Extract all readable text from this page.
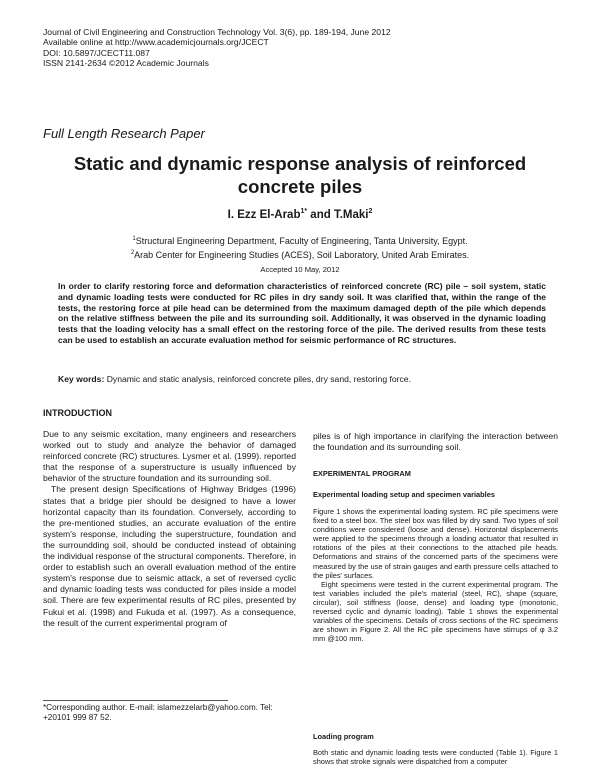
Journal of Civil Engineering and Construction Technology Vol. 3(6), pp. 189-194, June 2012
Available online at http://www.academicjournals.org/JCECT
DOI: 10.5897/JCECT11.087
ISSN 2141-2634 ©2012 Academic Journals
Full Length Research Paper
Static and dynamic response analysis of reinforced concrete piles
I. Ezz El-Arab$^{1*}$ and T.Maki$^2$
$^1$Structural Engineering Department, Faculty of Engineering, Tanta University, Egypt.
$^2$Arab Center for Engineering Studies (ACES), Soil Laboratory, United Arab Emirates.
Accepted 10 May, 2012
In order to clarify restoring force and deformation characteristics of reinforced concrete (RC) pile – soil system, static and dynamic loading tests were conducted for RC piles in dry sandy soil. It was clarified that, within the range of the tests, the restoring force at pile head can be determined from the maximum damaged depth of the pile which depends on the relative stiffness between the pile and its surrounding soil. Additionally, it was observed in the dynamic loading tests that the loading velocity has a small effect on the restoring force of the pile. The derived results from these tests can be used to establish an accurate evaluation method for seismic performance of RC structures.
Key words: Dynamic and static analysis, reinforced concrete piles, dry sand, restoring force.
INTRODUCTION

Due to any seismic excitation, many engineers and researchers worked out to study and analyze the behavior of damaged reinforced concrete (RC) structures. Lysmer et al. (1999). reported that the response of a superstructure is usually influenced by behavior of the structure foundation and its surrounding soil.

The present design Specifications of Highway Bridges (1996) states that a bridge pier should be designed to have a lower horizontal capacity than its foundation. Conversely, according to the pre-mentioned studies, an accurate evaluation of the entire system's response, including the superstructure, foundation and the surroundding soil, should be conducted instead of obtaining the individual response of the structural components. Therefore, in order to establish such an overall evaluation method of the entire system's response due to seismic attack, a set of reversed cyclic and dynamic loading tests was conducted for piles inside a model soil. There are few experimental results of RC piles, presented by Fukui et al. (1998) and Fukuda et al. (1997). As a consequence, the result of the current experimental program of

*Corresponding author. E-mail: islamezzelarb@yahoo.com. Tel: +20101 999 87 52.

piles is of high importance in clarifying the interaction between the foundation and its surrounding soil.

EXPERIMENTAL PROGRAM
Experimental loading setup and specimen variables

Figure 1 shows the experimental loading system. RC pile specimens were fixed to a steel box. The steel box was filled by dry sand. Two types of soil conditions were considered (loose and dense). Horizontal displacements were applied to the specimens through a loading actuator that resulted in rotations of the piles at their connections to the attached pile heads. Deformations and strains of the concerned parts of the specimens were measured by the use of strain gauges and earth pressure cells attached to the piles' surfaces.

Eight specimens were tested in the current experimental program. The test variables included the pile's material (steel, RC), shape (square, circular), soil stiffness (loose, dense) and loading type (monotonic, reversed cyclic and dynamic loading). Table 1 shows the experimental variables of the specimens. Details of cross sections of the RC specimens are shown in Figure 2. All the RC pile specimens have stirrups of φ 3.2 mm @100 mm.

Loading program
Both static and dynamic loading tests were conducted (Table 1). Figure 1 shows that stroke signals were dispatched from a computer
